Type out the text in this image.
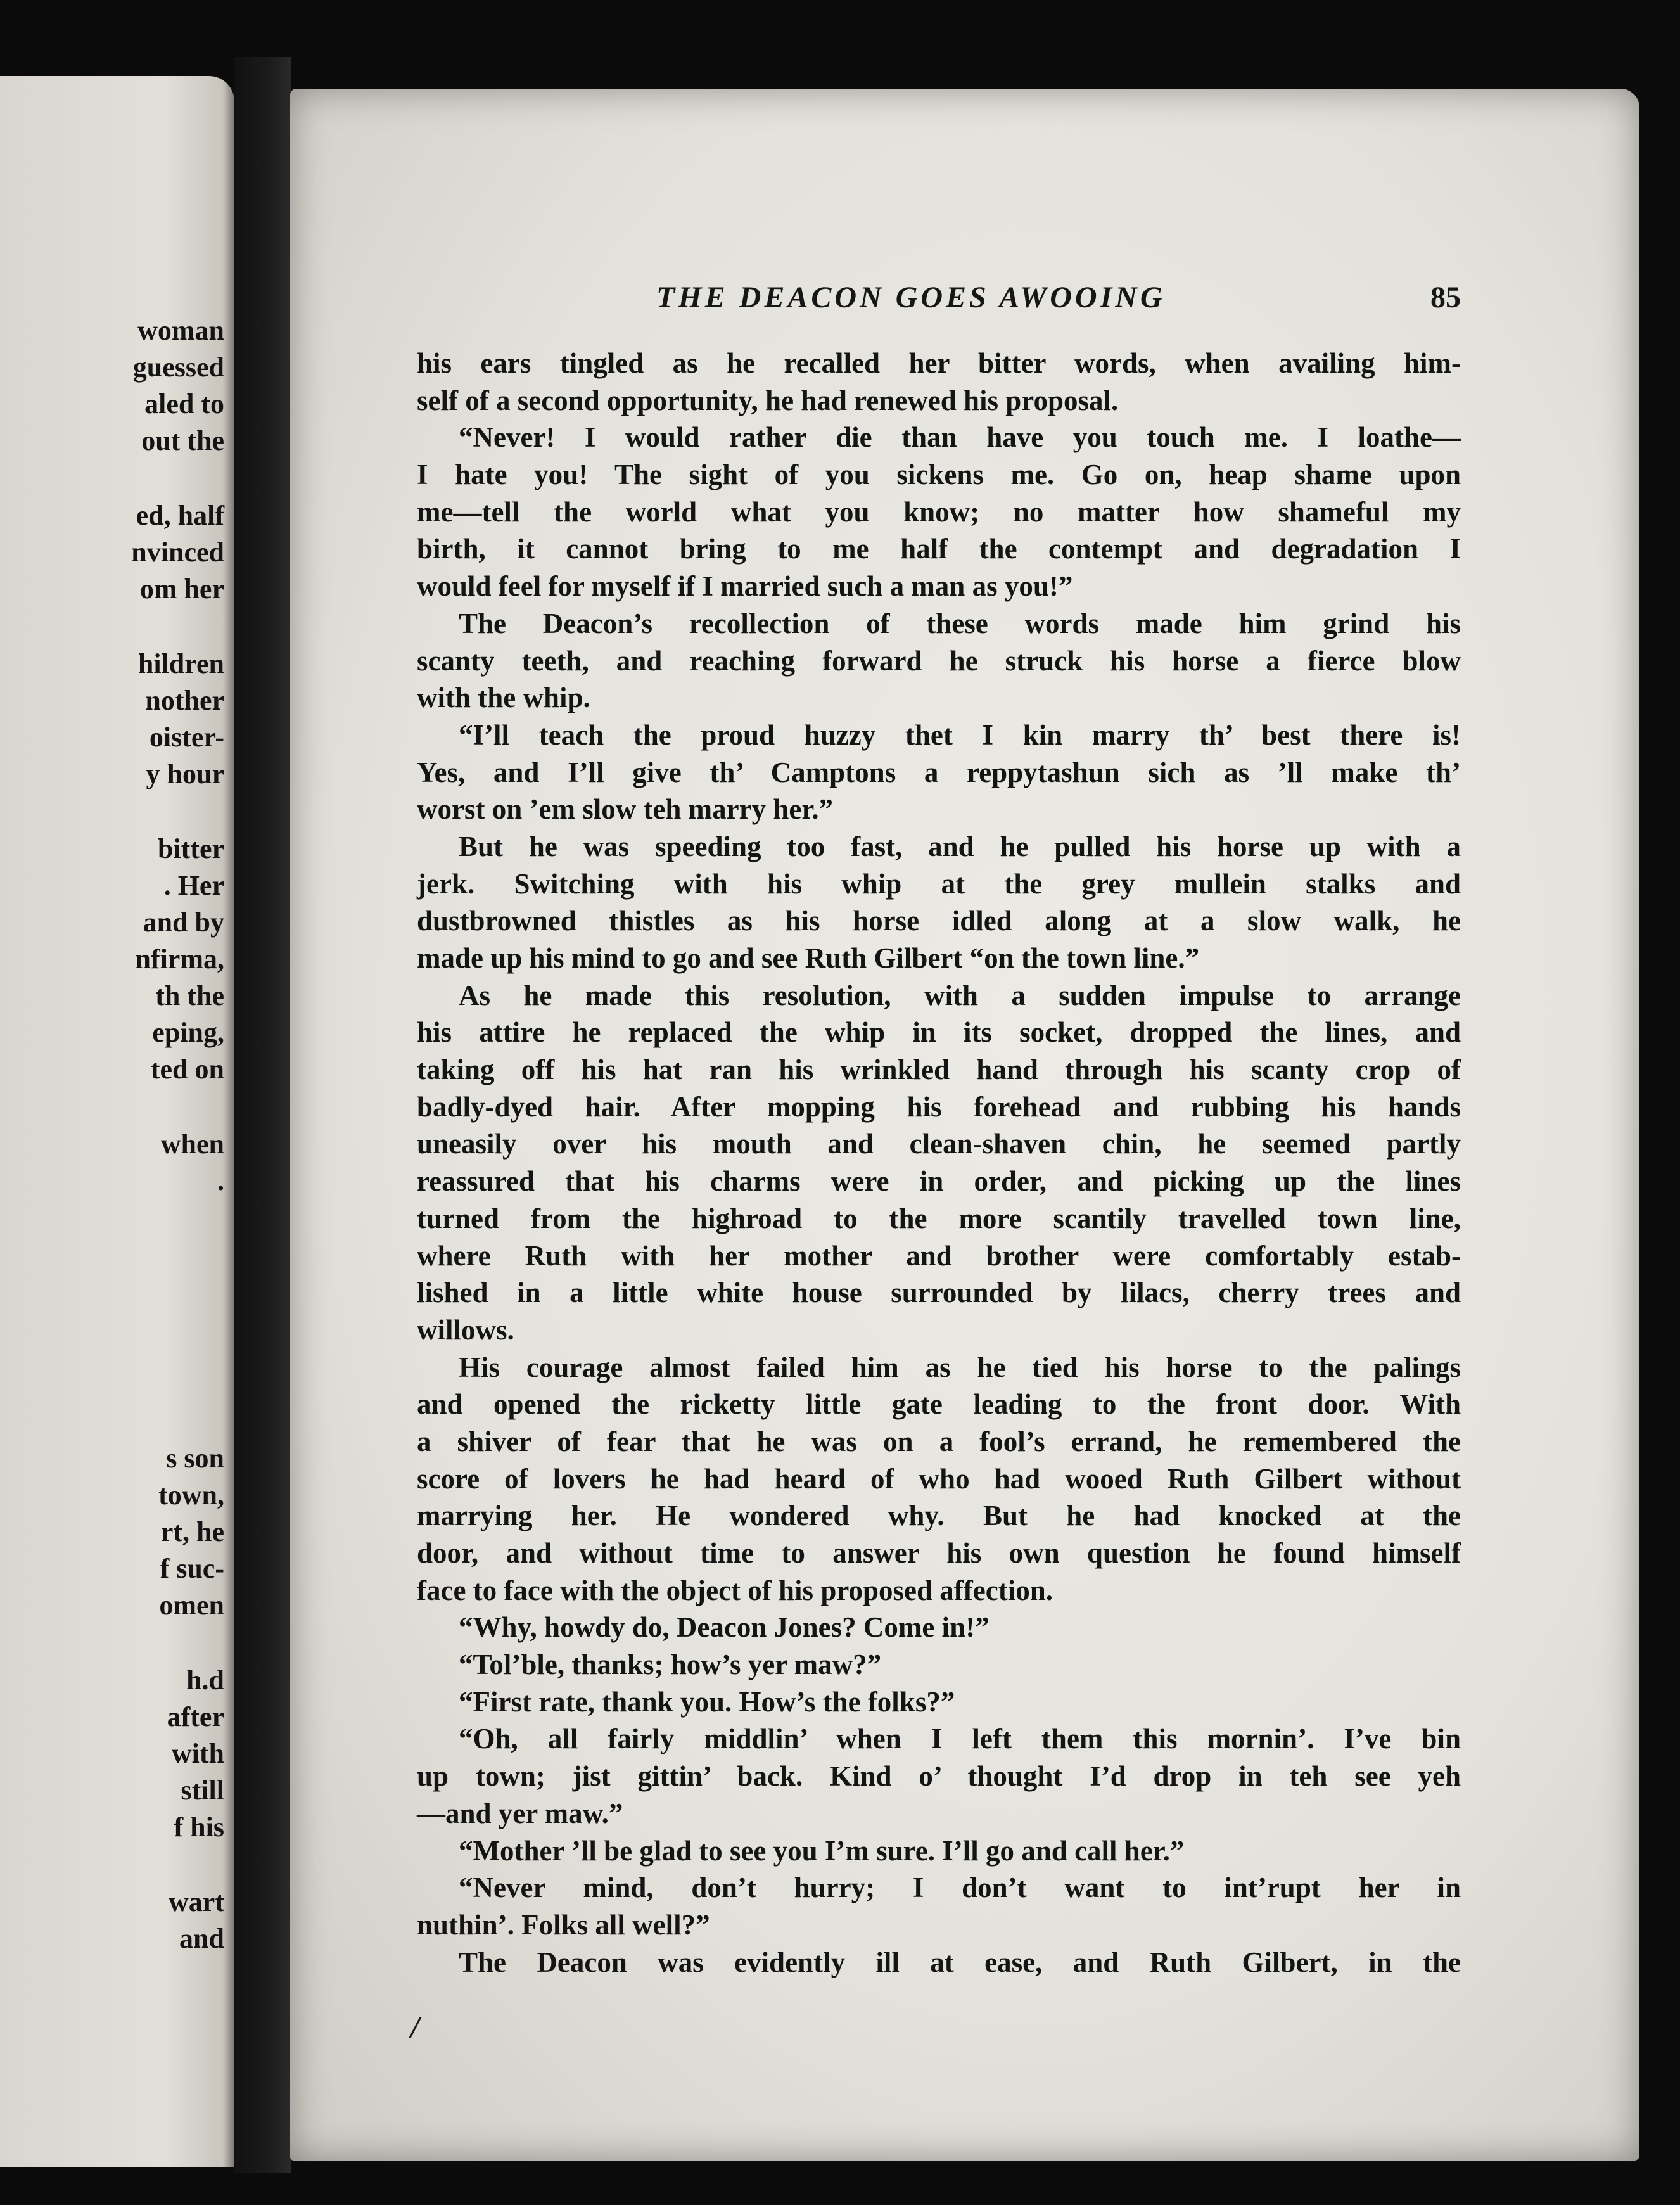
woman
guessed
aled to
out the
ed, half
nvinced
om her
hildren
nother
oister-
y hour
bitter
. Her
and by
nfirma,
th the
eping,
ted on
when
.
s son
town,
rt, he
f suc-
omen
h.d
after
with
still
f his
wart
and
THE DEACON GOES AWOOING	85
his ears tingled as he recalled her bitter words, when availing him-
self of a second opportunity, he had renewed his proposal.
“Never! I would rather die than have you touch me. I loathe—
I hate you! The sight of you sickens me. Go on, heap shame upon
me—tell the world what you know; no matter how shameful my
birth, it cannot bring to me half the contempt and degradation I
would feel for myself if I married such a man as you!”
The Deacon’s recollection of these words made him grind his
scanty teeth, and reaching forward he struck his horse a fierce blow
with the whip.
“I’ll teach the proud huzzy thet I kin marry th’ best there is!
Yes, and I’ll give th’ Camptons a reppytashun sich as ’ll make th’
worst on ’em slow teh marry her.”
But he was speeding too fast, and he pulled his horse up with a
jerk. Switching with his whip at the grey mullein stalks and
dustbrowned thistles as his horse idled along at a slow walk, he
made up his mind to go and see Ruth Gilbert “on the town line.”
As he made this resolution, with a sudden impulse to arrange
his attire he replaced the whip in its socket, dropped the lines, and
taking off his hat ran his wrinkled hand through his scanty crop of
badly-dyed hair. After mopping his forehead and rubbing his hands
uneasily over his mouth and clean-shaven chin, he seemed partly
reassured that his charms were in order, and picking up the lines
turned from the highroad to the more scantily travelled town line,
where Ruth with her mother and brother were comfortably estab-
lished in a little white house surrounded by lilacs, cherry trees and
willows.
His courage almost failed him as he tied his horse to the palings
and opened the ricketty little gate leading to the front door. With
a shiver of fear that he was on a fool’s errand, he remembered the
score of lovers he had heard of who had wooed Ruth Gilbert without
marrying her. He wondered why. But he had knocked at the
door, and without time to answer his own question he found himself
face to face with the object of his proposed affection.
“Why, howdy do, Deacon Jones? Come in!”
“Tol’ble, thanks; how’s yer maw?”
“First rate, thank you. How’s the folks?”
“Oh, all fairly middlin’ when I left them this mornin’. I’ve bin
up town; jist gittin’ back. Kind o’ thought I’d drop in teh see yeh
—and yer maw.”
“Mother ’ll be glad to see you I’m sure. I’ll go and call her.”
“Never mind, don’t hurry; I don’t want to int’rupt her in
nuthin’. Folks all well?”
The Deacon was evidently ill at ease, and Ruth Gilbert, in the
/
